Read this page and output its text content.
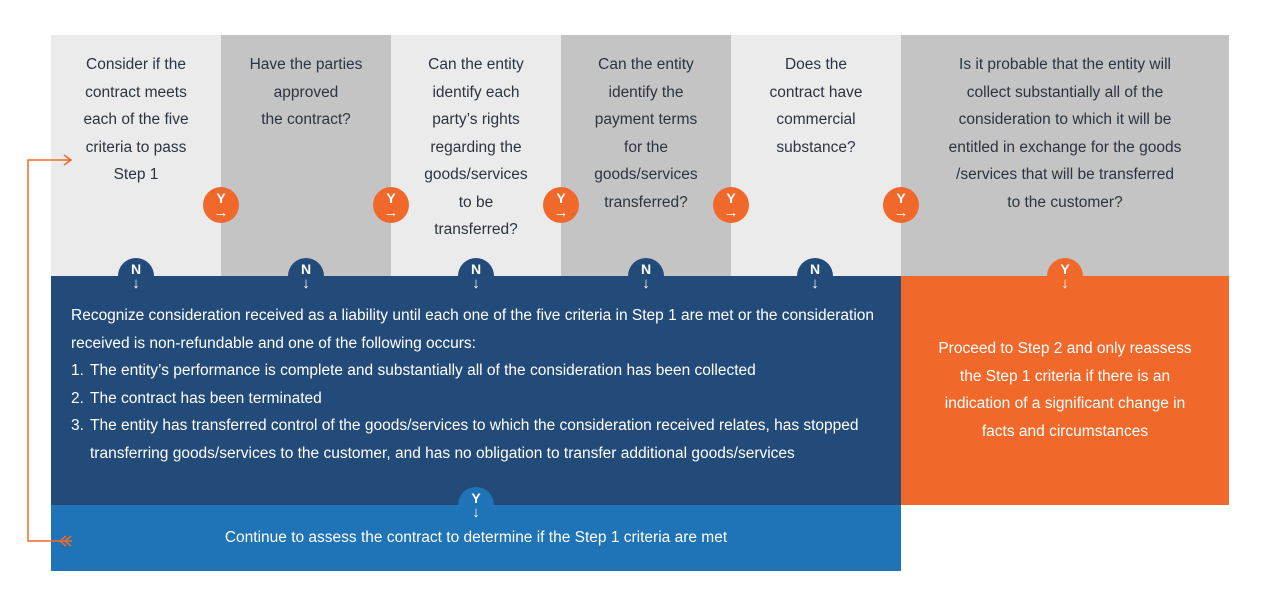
Consider if the
contract meets
each of the five
criteria to pass
Step 1
Have the parties
approved
the contract?
Can the entity
identify each
party’s rights
regarding the
goods/services
to be
transferred?
Can the entity
identify the
payment terms
for the
goods/services
transferred?
Does the
contract have
commercial
substance?
Is it probable that the entity will
collect substantially all of the
consideration to which it will be
entitled in exchange for the goods
/services that will be transferred
to the customer?

Recognize consideration received as a liability until each one of the five criteria in Step 1 are met or the consideration received is non-refundable and one of the following occurs:

1. The entity’s performance is complete and substantially all of the consideration has been collected
2. The contract has been terminated
3. The entity has transferred control of the goods/services to which the consideration received relates, has stopped transferring goods/services to the customer, and has no obligation to transfer additional goods/services
Continue to assess the contract to determine if the Step 1 criteria are met
Proceed to Step 2 and only reassess
the Step 1 criteria if there is an
indication of a significant change in
facts and circumstances
Y
→
Y
→
Y
→
Y
→
Y
→
N
↓
N
↓
N
↓
N
↓
N
↓
Y
↓
Y
↓
